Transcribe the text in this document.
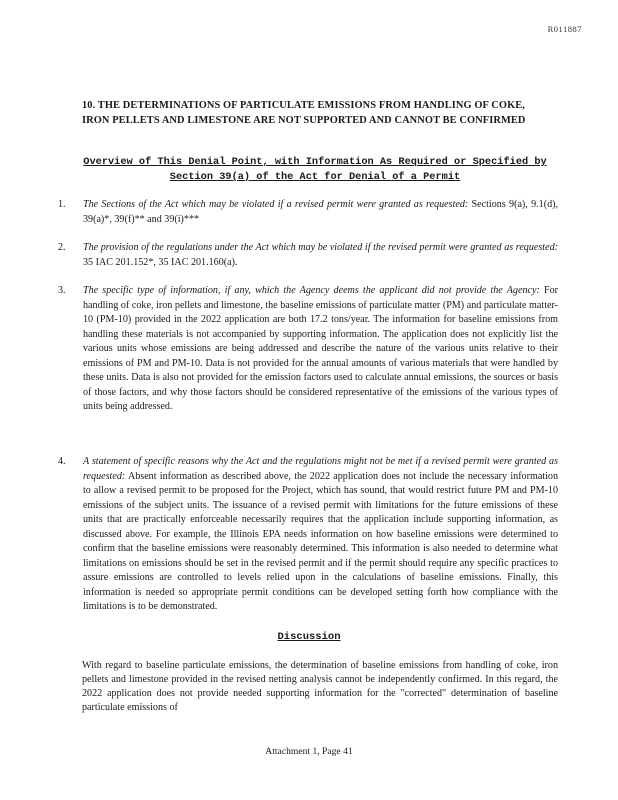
R011887
10. THE DETERMINATIONS OF PARTICULATE EMISSIONS FROM HANDLING OF COKE, IRON PELLETS AND LIMESTONE ARE NOT SUPPORTED AND CANNOT BE CONFIRMED
Overview of This Denial Point, with Information As Required or Specified by Section 39(a) of the Act for Denial of a Permit
1. The Sections of the Act which may be violated if a revised permit were granted as requested: Sections 9(a), 9.1(d), 39(a)*, 39(f)** and 39(i)***
2. The provision of the regulations under the Act which may be violated if the revised permit were granted as requested: 35 IAC 201.152*, 35 IAC 201.160(a).
3. The specific type of information, if any, which the Agency deems the applicant did not provide the Agency: For handling of coke, iron pellets and limestone, the baseline emissions of particulate matter (PM) and particulate matter-10 (PM-10) provided in the 2022 application are both 17.2 tons/year. The information for baseline emissions from handling these materials is not accompanied by supporting information. The application does not explicitly list the various units whose emissions are being addressed and describe the nature of the various units relative to their emissions of PM and PM-10. Data is not provided for the annual amounts of various materials that were handled by these units. Data is also not provided for the emission factors used to calculate annual emissions, the sources or basis of those factors, and why those factors should be considered representative of the emissions of the various types of units being addressed.
4. A statement of specific reasons why the Act and the regulations might not be met if a revised permit were granted as requested: Absent information as described above, the 2022 application does not include the necessary information to allow a revised permit to be proposed for the Project, which has sound, that would restrict future PM and PM-10 emissions of the subject units. The issuance of a revised permit with limitations for the future emissions of these units that are practically enforceable necessarily requires that the application include supporting information, as discussed above. For example, the Illinois EPA needs information on how baseline emissions were determined to confirm that the baseline emissions were reasonably determined. This information is also needed to determine what limitations on emissions should be set in the revised permit and if the permit should require any specific practices to assure emissions are controlled to levels relied upon in the calculations of baseline emissions. Finally, this information is needed so appropriate permit conditions can be developed setting forth how compliance with the limitations is to be demonstrated.
Discussion

With regard to baseline particulate emissions, the determination of baseline emissions from handling of coke, iron pellets and limestone provided in the revised netting analysis cannot be independently confirmed. In this regard, the 2022 application does not provide needed supporting information for the "corrected" determination of baseline particulate emissions of

Attachment 1, Page 41
